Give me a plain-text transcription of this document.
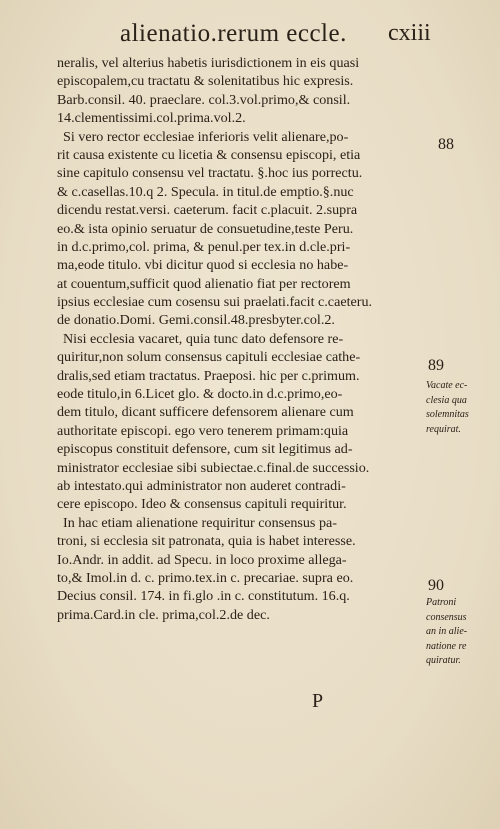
alienatio.rerum eccle. cxiii
neralis, vel alterius habetis iurisdictionem in eis quasi
episcopalem,cu tractatu & solenitatibus hic expresis.
Barb.consil. 40. praeclare. col.3.vol.primo,& consil.
14.clementissimi.col.prima.vol.2.
Si vero rector ecclesiae inferioris velit alienare,po-
rit causa existente cu licetia & consensu episcopi, etia
sine capitulo consensu vel tractatu. §.hoc ius porrectu.
& c.casellas.10.q 2. Specula. in titul.de emptio.§.nuc
dicendu restat.versi. caeterum. facit c.placuit. 2.supra
eo.& ista opinio seruatur de consuetudine,teste Peru.
in d.c.primo,col. prima, & penul.per tex.in d.cle.pri-
ma,eode titulo. vbi dicitur quod si ecclesia no habe-
at couentum,sufficit quod alienatio fiat per rectorem
ipsius ecclesiae cum cosensu sui praelati.facit c.caeteru.
de donatio.Domi. Gemi.consil.48.presbyter.col.2.
Nisi ecclesia vacaret, quia tunc dato defensore re-
quiritur,non solum consensus capituli ecclesiae cathe-
dralis,sed etiam tractatus. Praeposi. hic per c.primum.
eode titulo,in 6.Licet glo. & docto.in d.c.primo,eo-
dem titulo, dicant sufficere defensorem alienare cum
authoritate episcopi. ego vero tenerem primam:quia
episcopus constituit defensore, cum sit legitimus ad-
ministrator ecclesiae sibi subiectae.c.final.de successio.
ab intestato.qui administrator non auderet contradi-
cere episcopo. Ideo & consensus capituli requiritur.
In hac etiam alienatione requiritur consensus pa-
troni, si ecclesia sit patronata, quia is habet interesse.
Io.Andr. in addit. ad Specu. in loco proxime allega-
to,& Imol.in d. c. primo.tex.in c. precariae. supra eo.
Decius consil. 174. in fi.glo .in c. constitutum. 16.q.
prima.Card.in cle. prima,col.2.de dec.
88
89
90
Vacate ec-
clesia qua
solemnitas
requirat.
Patroni
consensus
an in alie-
natione re
quiratur.
P
